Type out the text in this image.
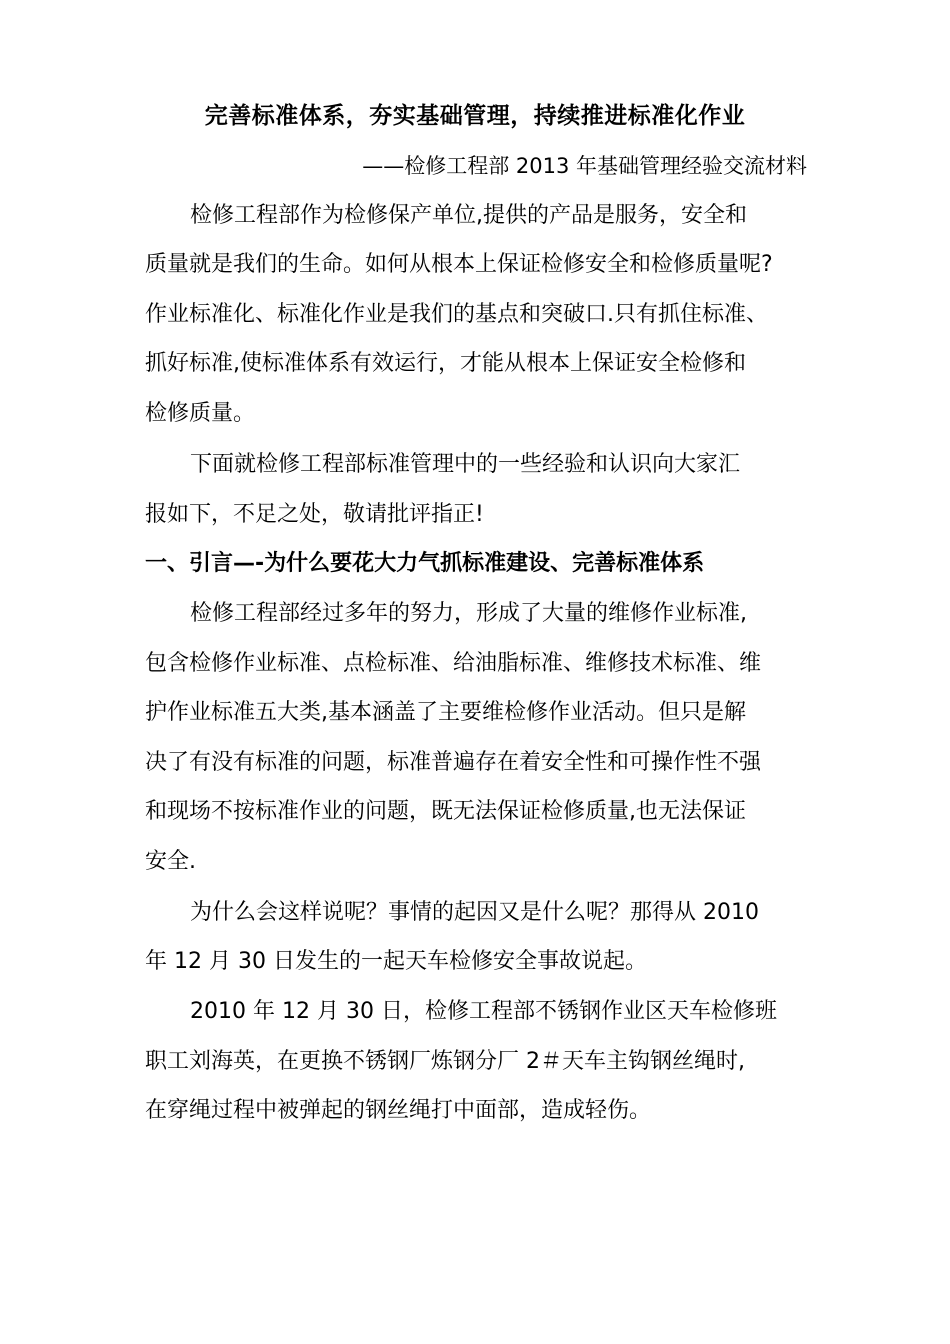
完善标准体系，夯实基础管理，持续推进标准化作业
——检修工程部 2013 年基础管理经验交流材料
检修工程部作为检修保产单位,提供的产品是服务，安全和
质量就是我们的生命。如何从根本上保证检修安全和检修质量呢?
作业标准化、标准化作业是我们的基点和突破口.只有抓住标准、
抓好标准,使标准体系有效运行，才能从根本上保证安全检修和
检修质量。
下面就检修工程部标准管理中的一些经验和认识向大家汇
报如下，不足之处，敬请批评指正!
一、引言—-为什么要花大力气抓标准建设、完善标准体系
检修工程部经过多年的努力，形成了大量的维修作业标准,
包含检修作业标准、点检标准、给油脂标准、维修技术标准、维
护作业标准五大类,基本涵盖了主要维检修作业活动。但只是解
决了有没有标准的问题，标准普遍存在着安全性和可操作性不强
和现场不按标准作业的问题，既无法保证检修质量,也无法保证
安全.
为什么会这样说呢？事情的起因又是什么呢？那得从 2010
年 12 月 30 日发生的一起天车检修安全事故说起。
2010 年 12 月 30 日，检修工程部不锈钢作业区天车检修班
职工刘海英，在更换不锈钢厂炼钢分厂 2＃天车主钩钢丝绳时,
在穿绳过程中被弹起的钢丝绳打中面部，造成轻伤。
